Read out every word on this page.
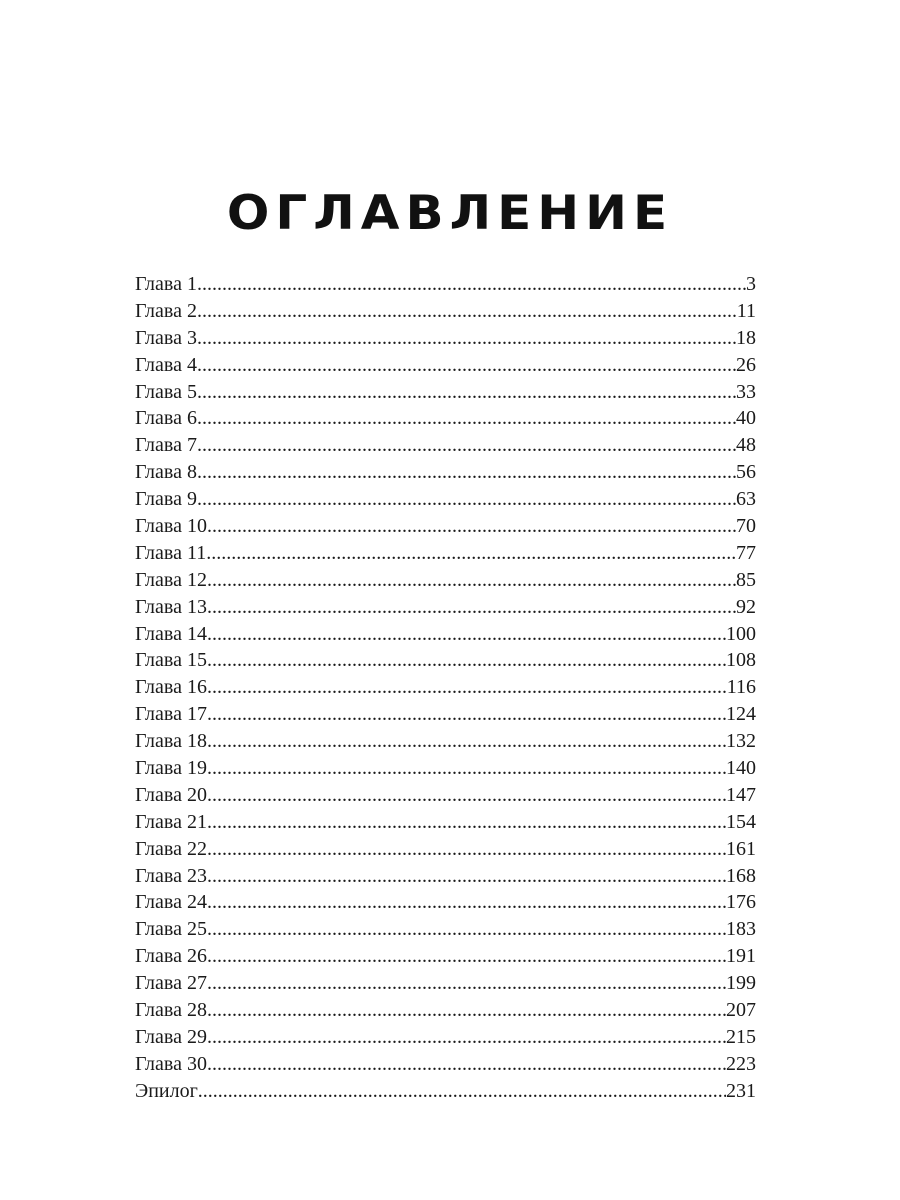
ОГЛАВЛЕНИЕ
Глава 1 .....	3
Глава 2 .....	11
Глава 3 .....	18
Глава 4 .....	26
Глава 5 .....	33
Глава 6 .....	40
Глава 7 .....	48
Глава 8 .....	56
Глава 9 .....	63
Глава 10 .....	70
Глава 11 .....	77
Глава 12 .....	85
Глава 13 .....	92
Глава 14 .....	100
Глава 15 .....	108
Глава 16 .....	116
Глава 17 .....	124
Глава 18 .....	132
Глава 19 .....	140
Глава 20 .....	147
Глава 21 .....	154
Глава 22 .....	161
Глава 23 .....	168
Глава 24 .....	176
Глава 25 .....	183
Глава 26 .....	191
Глава 27 .....	199
Глава 28 .....	207
Глава 29 .....	215
Глава 30 .....	223
Эпилог .....	231
